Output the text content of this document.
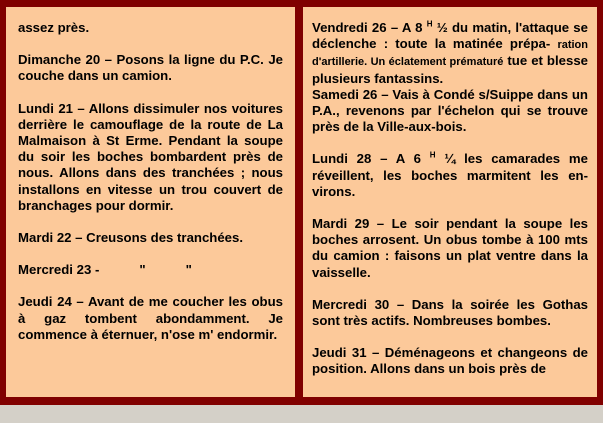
assez près.
Dimanche 20 – Posons la ligne du P.C. Je couche dans un camion.
Lundi 21 – Allons dissimuler nos voitures derrière le camouflage de la route de La Malmaison à St Erme. Pendant la soupe du soir les boches bombardent près de nous. Allons dans des tranchées ; nous installons en vitesse un trou couvert de branchages pour dormir.
Mardi 22 – Creusons des tranchées.
Mercredi 23 -	"	"
Jeudi 24 – Avant de me coucher les obus à gaz tombent abondamment. Je commence à éternuer, n'ose m' endormir.
Vendredi 26 – A 8 $^H$ ½ du matin, l'attaque se déclenche : toute la matinée prépa- ration d'artillerie. Un éclatement prématuré tue et blesse plusieurs fantassins.
Samedi 26 – Vais à Condé s/Suippe dans un P.A., revenons par l'échelon qui se trouve près de la Ville-aux-bois.
Lundi 28 – A 6 $^H$ ¼ les camarades me réveillent, les boches marmitent les en-virons.
Mardi 29 – Le soir pendant la soupe les boches arrosent. Un obus tombe à 100 mts du camion : faisons un plat ventre dans la vaisselle.
Mercredi 30 – Dans la soirée les Gothas sont très actifs. Nombreuses bombes.
Jeudi 31 – Déménageons et changeons de position. Allons dans un bois près de
